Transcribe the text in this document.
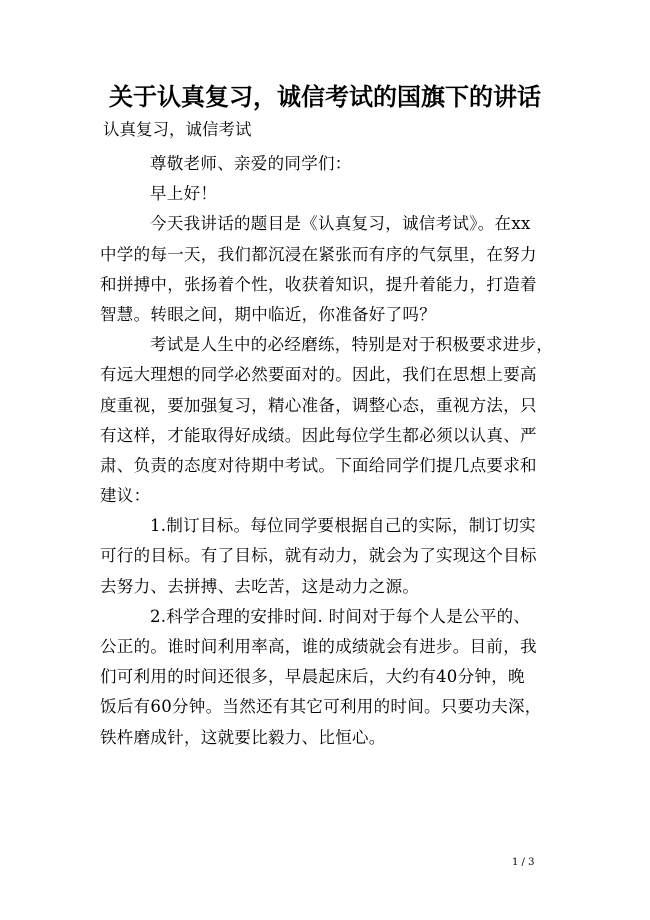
关于认真复习，诚信考试的国旗下的讲话
认真复习，诚信考试
尊敬老师、亲爱的同学们：
早上好！
今天我讲话的题目是《认真复习，诚信考试》。在xx
中学的每一天，我们都沉浸在紧张而有序的气氛里，在努力
和拼搏中，张扬着个性，收获着知识，提升着能力，打造着
智慧。转眼之间，期中临近，你准备好了吗？
考试是人生中的必经磨练，特别是对于积极要求进步，
有远大理想的同学必然要面对的。因此，我们在思想上要高
度重视，要加强复习，精心准备，调整心态，重视方法，只
有这样，才能取得好成绩。因此每位学生都必须以认真、严
肃、负责的态度对待期中考试。下面给同学们提几点要求和
建议：
1.制订目标。每位同学要根据自己的实际，制订切实
可行的目标。有了目标，就有动力，就会为了实现这个目标
去努力、去拼搏、去吃苦，这是动力之源。
2.科学合理的安排时间. 时间对于每个人是公平的、
公正的。谁时间利用率高，谁的成绩就会有进步。目前，我
们可利用的时间还很多，早晨起床后，大约有40分钟，晚
饭后有60分钟。当然还有其它可利用的时间。只要功夫深，
铁杵磨成针，这就要比毅力、比恒心。
1 / 3
